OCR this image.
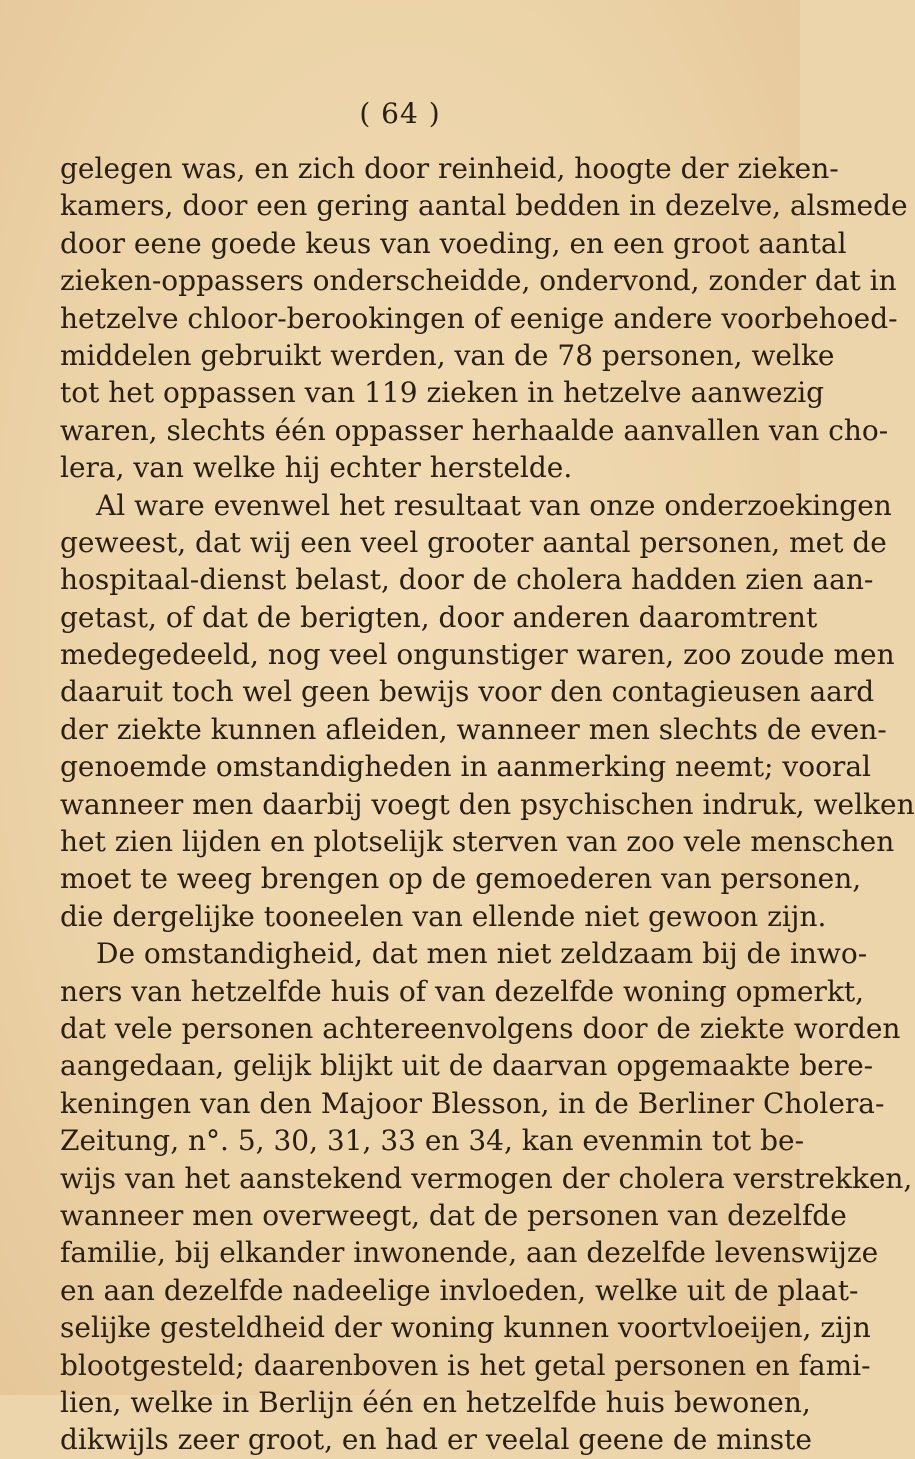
( 64 )
gelegen was, en zich door reinheid, hoogte der zieken-
kamers, door een gering aantal bedden in dezelve, alsmede
door eene goede keus van voeding, en een groot aantal
zieken-oppassers onderscheidde, ondervond, zonder dat in
hetzelve chloor-berookingen of eenige andere voorbehoed-
middelen gebruikt werden, van de 78 personen, welke
tot het oppassen van 119 zieken in hetzelve aanwezig
waren, slechts één oppasser herhaalde aanvallen van cho-
lera, van welke hij echter herstelde.
Al ware evenwel het resultaat van onze onderzoekingen
geweest, dat wij een veel grooter aantal personen, met de
hospitaal-dienst belast, door de cholera hadden zien aan-
getast, of dat de berigten, door anderen daaromtrent
medegedeeld, nog veel ongunstiger waren, zoo zoude men
daaruit toch wel geen bewijs voor den contagieusen aard
der ziekte kunnen afleiden, wanneer men slechts de even-
genoemde omstandigheden in aanmerking neemt; vooral
wanneer men daarbij voegt den psychischen indruk, welken
het zien lijden en plotselijk sterven van zoo vele menschen
moet te weeg brengen op de gemoederen van personen,
die dergelijke tooneelen van ellende niet gewoon zijn.
De omstandigheid, dat men niet zeldzaam bij de inwo-
ners van hetzelfde huis of van dezelfde woning opmerkt,
dat vele personen achtereenvolgens door de ziekte worden
aangedaan, gelijk blijkt uit de daarvan opgemaakte bere-
keningen van den Majoor Blesson, in de Berliner Cholera-
Zeitung, n°. 5, 30, 31, 33 en 34, kan evenmin tot be-
wijs van het aanstekend vermogen der cholera verstrekken,
wanneer men overweegt, dat de personen van dezelfde
familie, bij elkander inwonende, aan dezelfde levenswijze
en aan dezelfde nadeelige invloeden, welke uit de plaat-
selijke gesteldheid der woning kunnen voortvloeijen, zijn
blootgesteld; daarenboven is het getal personen en fami-
lien, welke in Berlijn één en hetzelfde huis bewonen,
dikwijls zeer groot, en had er veelal geene de minste
